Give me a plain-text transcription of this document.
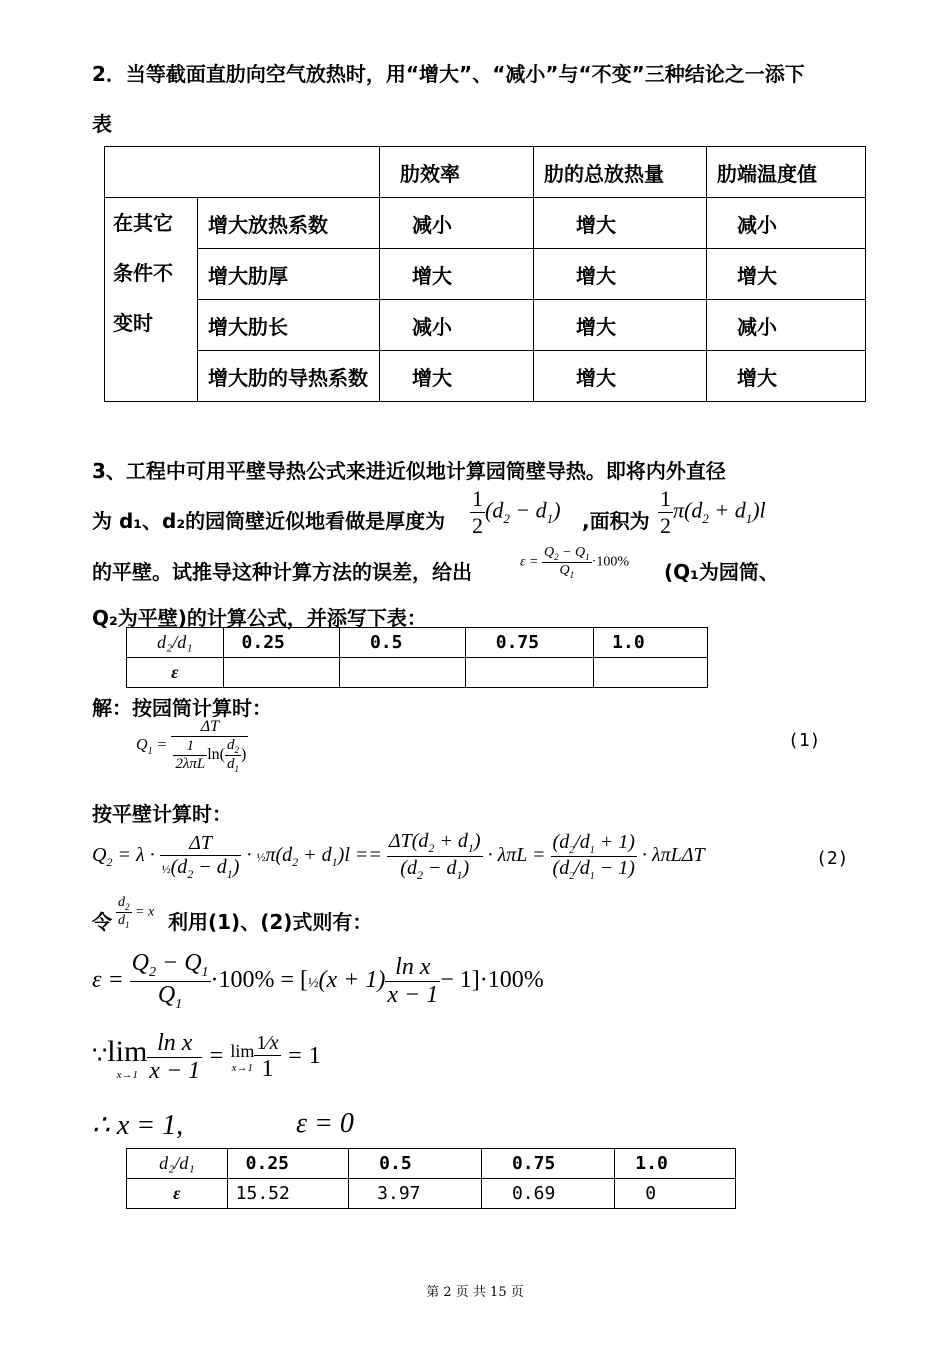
2．当等截面直肋向空气放热时，用“增大”、“减小”与“不变”三种结论之一添下
表
		肋效率	肋的总放热量	肋端温度值

在其它
条件不
变时	增大放热系数	减小	增大	减小
	增大肋厚	增大	增大	增大
	增大肋长	减小	增大	减小
	增大肋的导热系数	增大	增大	增大
3、工程中可用平壁导热公式来进近似地计算园筒壁导热。即将内外直径
为 d₁、d₂的园筒壁近似地看做是厚度为 $\frac{1}{2} (d_2 - d_1)$ ,面积为 $\frac{1}{2} \pi(d_2 + d_1)l$
的平壁。试推导这种计算方法的误差，给出	$\varepsilon = \frac{Q_2 - Q_1}{Q_1} \cdot 100\%$ (Q₁为园筒、
Q₂为平壁)的计算公式，并添写下表：
d₂/d₁	0.25	0.5	0.75	1.0
ε				
解：按园筒计算时：
$Q_1 = \frac{\Delta T}{\frac{1}{\text{2λπL}} \ln( \frac{d_2}{d_1} )}$	(1)
按平壁计算时：
$Q_2 = \lambda \cdot \frac{\Delta T}{\frac{1}{2}(d_2 - d_1)}$ · $\frac{1}{2}\pi(d_2 + d_1)l == \frac{\Delta T(d_2 + d_1)}{(d_2 - d_1)} \cdot \lambda\pi L = \frac{(d_2/d_1 + 1)}{(d_2/d_1 - 1)} \cdot \lambda\pi L\Delta T$	(2)
令 $\frac{d_2}{d_1} = x$ 利用(1)、(2)式则有：
$\varepsilon = \frac{Q_2 - Q_1}{Q_1} \cdot 100\%$ = [½(x + $1) \frac{\text{ln x}}{x - 1} - 1]\cdot 100\%$
∵ lim
$x\to 1 \frac{\text{ln x}}{x - 1} = \lim$
$x\to 1 \frac{1⁄x}{1} = 1$
∴ x = 1,	ε = 0
d₂/d₁	0.25	0.5	0.75	1.0
ε	15.52	3.97	0.69	0
第 2 页 共 15 页
